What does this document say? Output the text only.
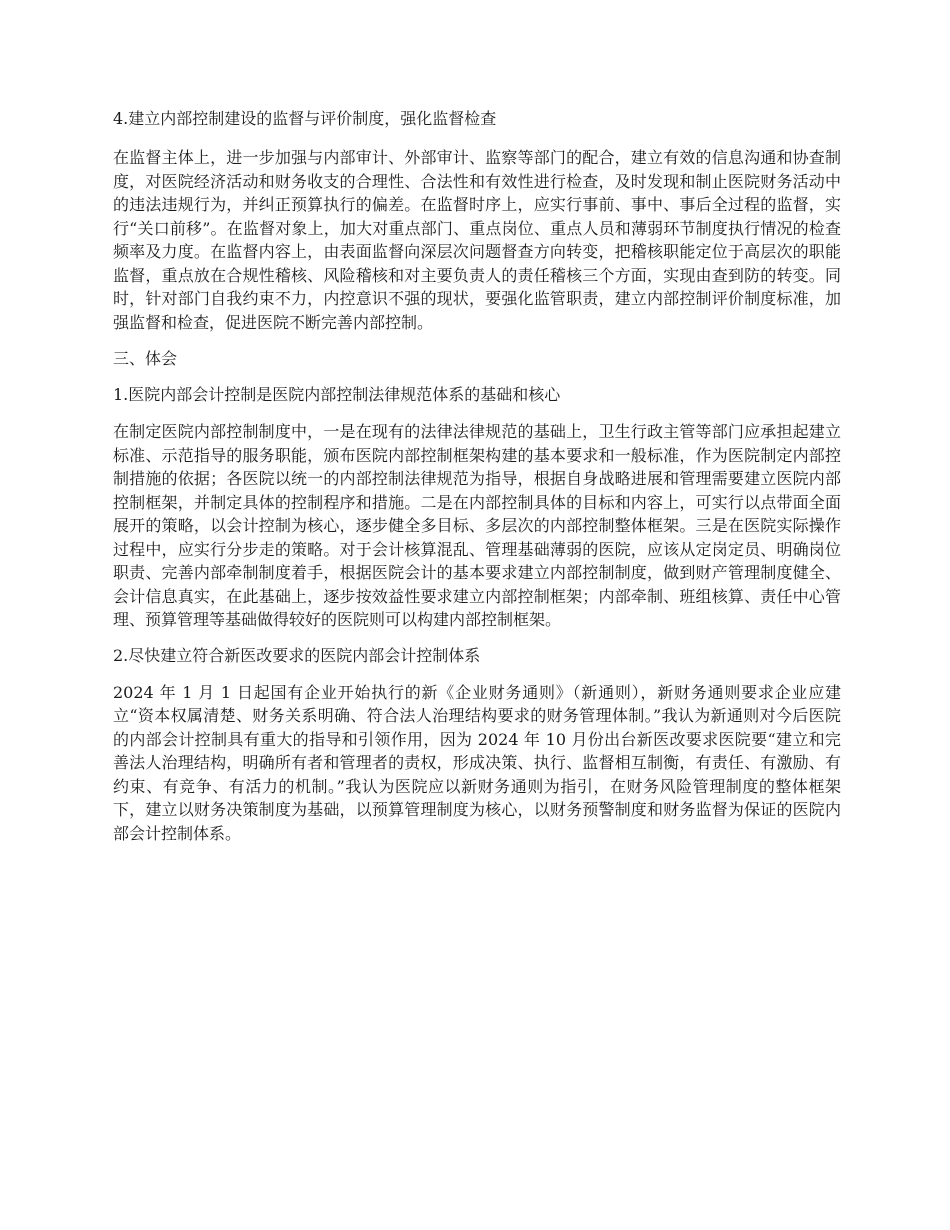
4.建立内部控制建设的监督与评价制度，强化监督检查

在监督主体上，进一步加强与内部审计、外部审计、监察等部门的配合，建立有效的信息沟通和协查制度，对医院经济活动和财务收支的合理性、合法性和有效性进行检查，及时发现和制止医院财务活动中的违法违规行为，并纠正预算执行的偏差。在监督时序上，应实行事前、事中、事后全过程的监督，实行“关口前移”。在监督对象上，加大对重点部门、重点岗位、重点人员和薄弱环节制度执行情况的检查频率及力度。在监督内容上，由表面监督向深层次问题督查方向转变，把稽核职能定位于高层次的职能监督，重点放在合规性稽核、风险稽核和对主要负责人的责任稽核三个方面，实现由查到防的转变。同时，针对部门自我约束不力，内控意识不强的现状，要强化监管职责，建立内部控制评价制度标准，加强监督和检查，促进医院不断完善内部控制。

三、体会

1.医院内部会计控制是医院内部控制法律规范体系的基础和核心

在制定医院内部控制制度中，一是在现有的法律法律规范的基础上，卫生行政主管等部门应承担起建立标准、示范指导的服务职能，颁布医院内部控制框架构建的基本要求和一般标准，作为医院制定内部控制措施的依据；各医院以统一的内部控制法律规范为指导，根据自身战略进展和管理需要建立医院内部控制框架，并制定具体的控制程序和措施。二是在内部控制具体的目标和内容上，可实行以点带面全面展开的策略，以会计控制为核心，逐步健全多目标、多层次的内部控制整体框架。三是在医院实际操作过程中，应实行分步走的策略。对于会计核算混乱、管理基础薄弱的医院，应该从定岗定员、明确岗位职责、完善内部牵制制度着手，根据医院会计的基本要求建立内部控制制度，做到财产管理制度健全、会计信息真实，在此基础上，逐步按效益性要求建立内部控制框架；内部牵制、班组核算、责任中心管理、预算管理等基础做得较好的医院则可以构建内部控制框架。

2.尽快建立符合新医改要求的医院内部会计控制体系

2024 年 1 月 1 日起国有企业开始执行的新《企业财务通则》（新通则），新财务通则要求企业应建立“资本权属清楚、财务关系明确、符合法人治理结构要求的财务管理体制。”我认为新通则对今后医院的内部会计控制具有重大的指导和引领作用，因为 2024 年 10 月份出台新医改要求医院要“建立和完善法人治理结构，明确所有者和管理者的责权，形成决策、执行、监督相互制衡，有责任、有激励、有约束、有竞争、有活力的机制。”我认为医院应以新财务通则为指引，在财务风险管理制度的整体框架下，建立以财务决策制度为基础，以预算管理制度为核心，以财务预警制度和财务监督为保证的医院内部会计控制体系。
